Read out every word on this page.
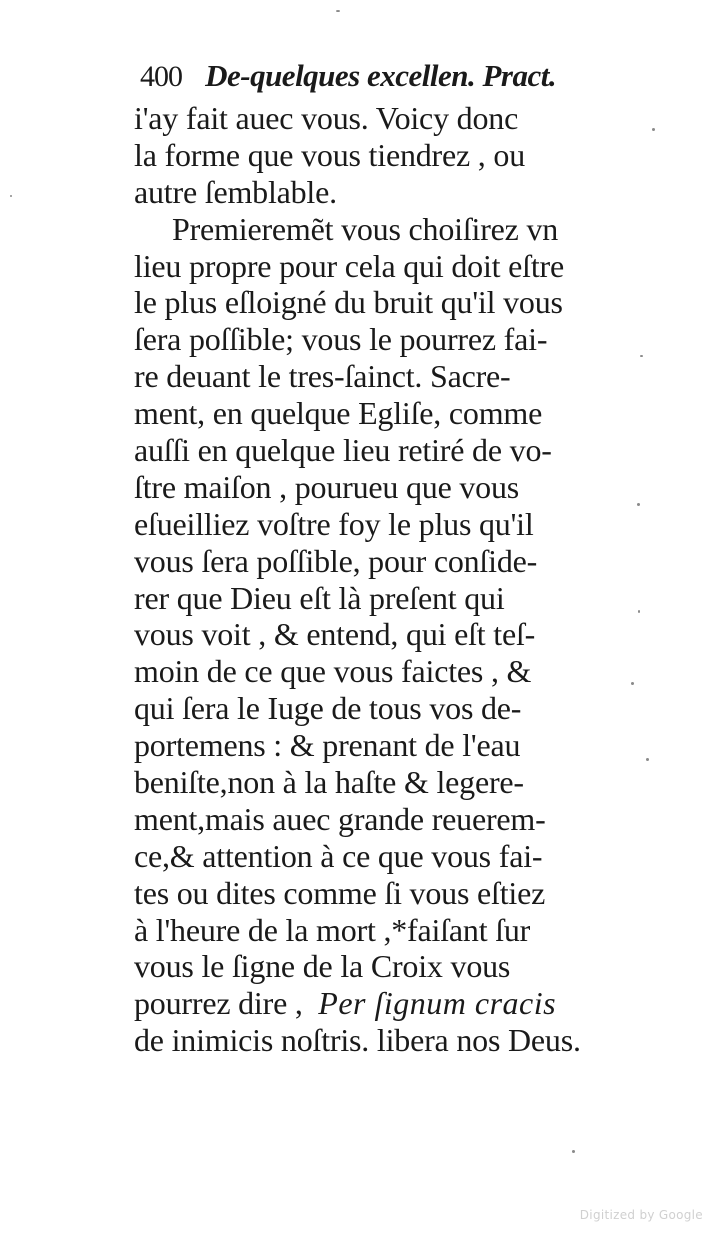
400 De-quelques excellen. Pract.
i'ay fait auec vous. Voicy donc
la forme que vous tiendrez , ou
autre ſemblable.
Premieremẽt vous choiſirez vn
lieu propre pour cela qui doit eſtre
le plus eſloigné du bruit qu'il vous
ſera poſſible; vous le pourrez fai-
re deuant le tres-ſainct. Sacre-
ment, en quelque Egliſe, comme
auſſi en quelque lieu retiré de vo-
ſtre maiſon , pourueu que vous
eſueilliez voſtre foy le plus qu'il
vous ſera poſſible, pour conſide-
rer que Dieu eſt là preſent qui
vous voit , & entend, qui eſt teſ-
moin de ce que vous faictes , &
qui ſera le Iuge de tous vos de-
portemens : & prenant de l'eau
beniſte,non à la haſte & legere-
ment,mais auec grande reuerem-
ce,& attention à ce que vous fai-
tes ou dites comme ſi vous eſtiez
à l'heure de la mort ,*faiſant ſur
vous le ſigne de la Croix vous
pourrez dire , Per ſignum cracis
de inimicis noſtris. libera nos Deus.
Digitized by Google
